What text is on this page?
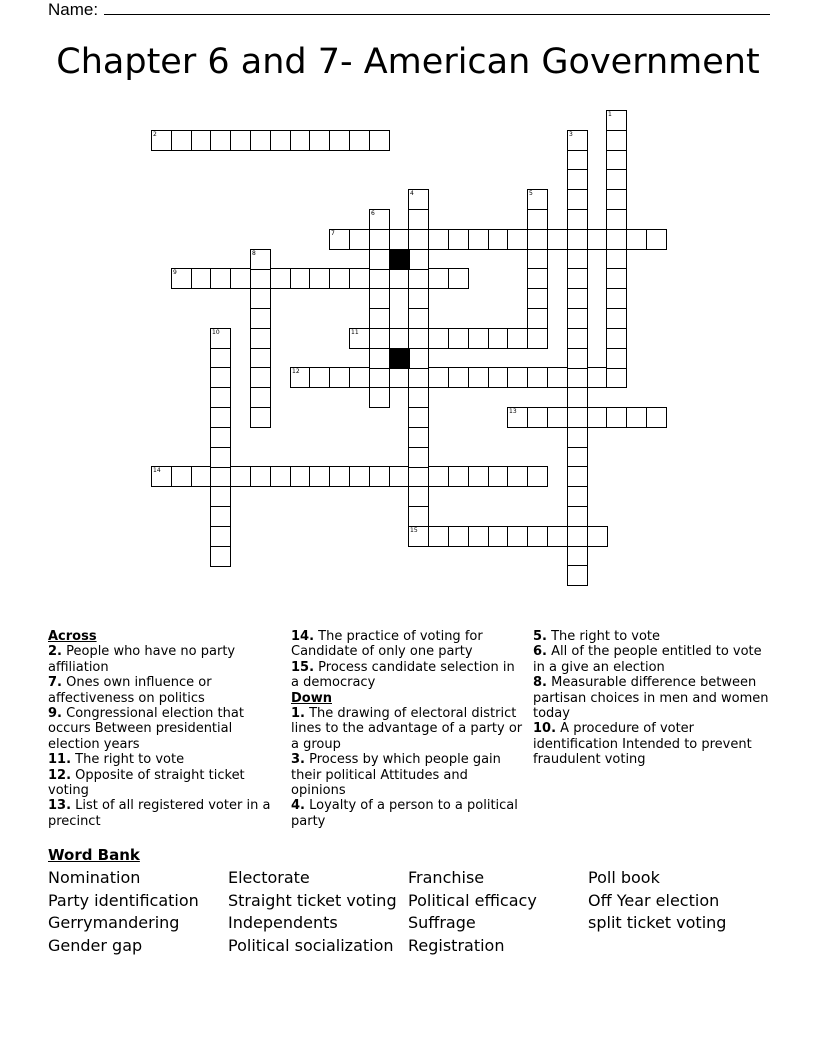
Name:
Chapter 6 and 7- American Government
2
7
9
11
12
13
14
15
1
3
4	5
6
8
10
Across
2. People who have no party affiliation
7. Ones own influence or affectiveness on politics
9. Congressional election that occurs Between presidential election years
11. The right to vote
12. Opposite of straight ticket voting
13. List of all registered voter in a precinct
14. The practice of voting for Candidate of only one party
15. Process candidate selection in a democracy
Down
1. The drawing of electoral district lines to the advantage of a party or a group
3. Process by which people gain their political Attitudes and opinions
4. Loyalty of a person to a political party
5. The right to vote
6. All of the people entitled to vote in a give an election
8. Measurable difference between partisan choices in men and women today
10. A procedure of voter identification Intended to prevent fraudulent voting
Word Bank
Nomination
Party identification
Gerrymandering
Gender gap
Electorate
Straight ticket voting
Independents
Political socialization
Franchise
Political efficacy
Suffrage
Registration
Poll book
Off Year election
split ticket voting
